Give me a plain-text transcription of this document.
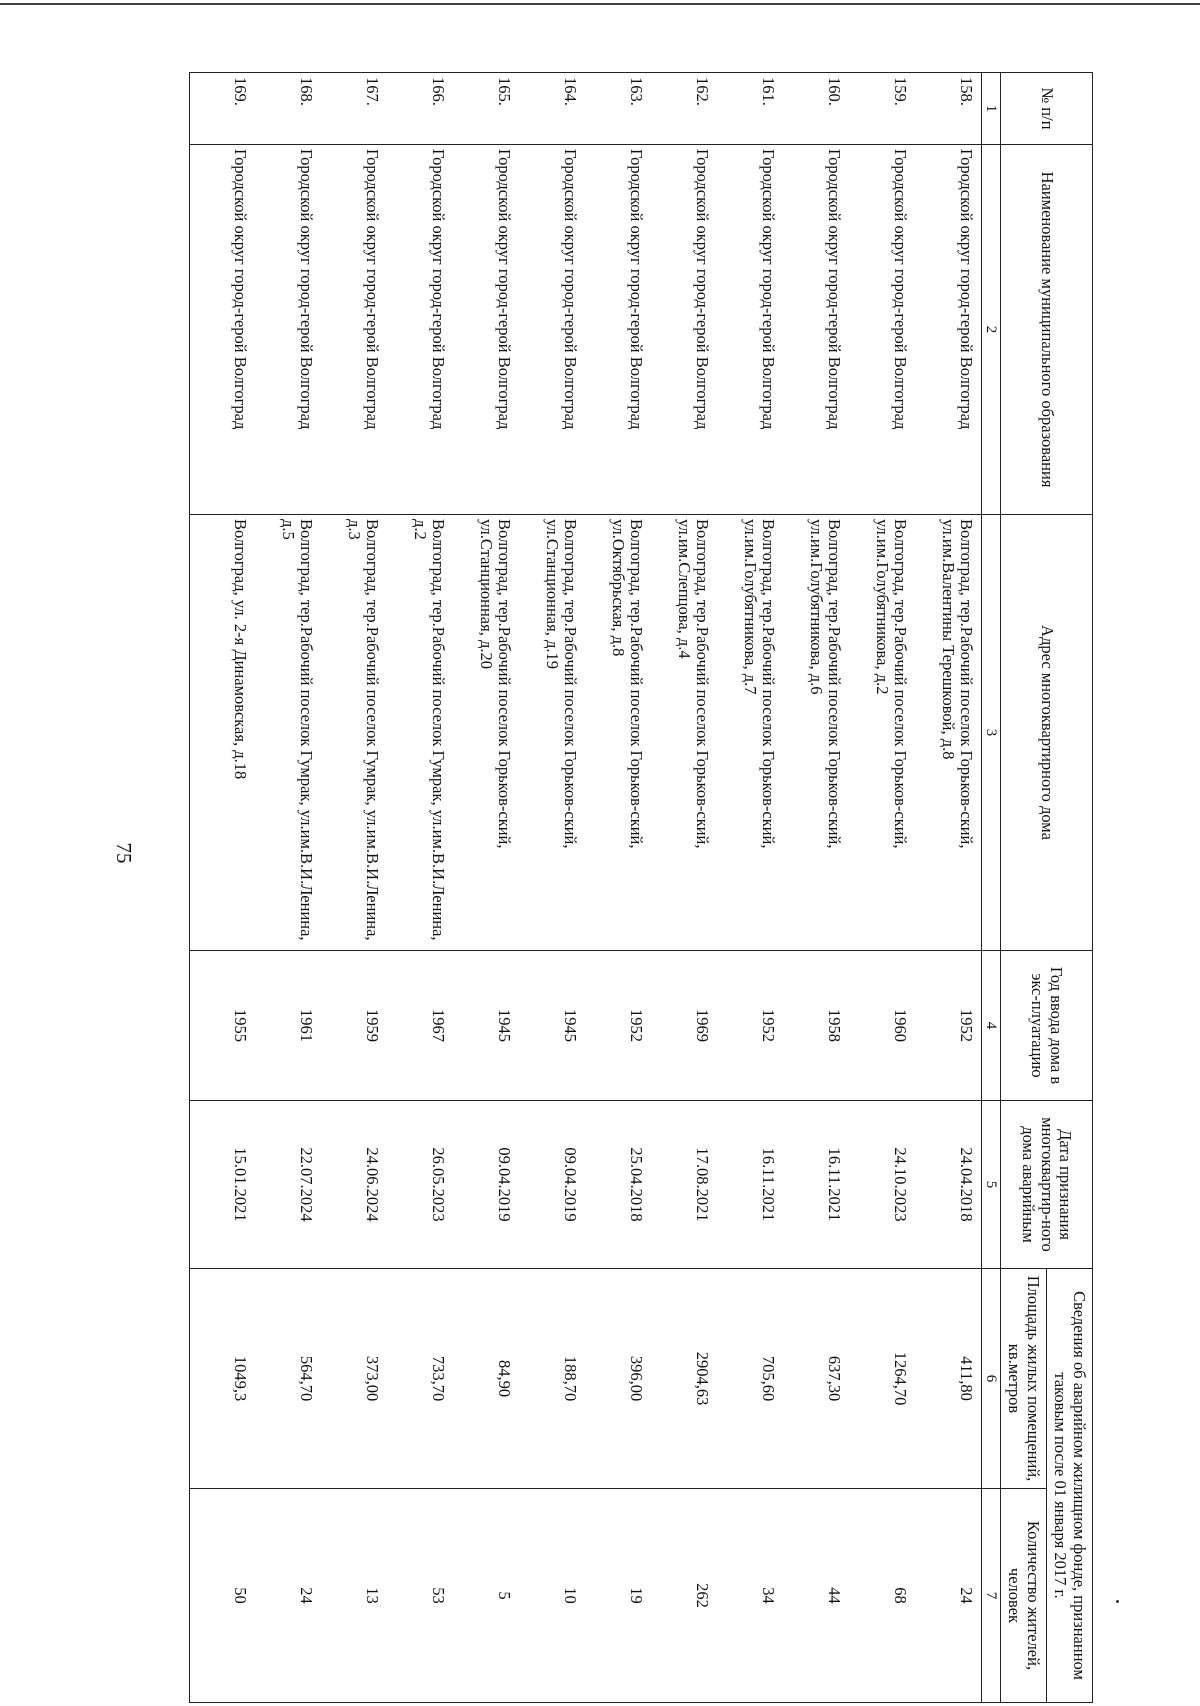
75
№ п/п	Наименование муниципального образования	Адрес многоквартирного дома	Год ввода дома в экс-плуатацию	Дата признания многоквартир-ного дома аварийным	Сведения об аварийном жилищном фонде, признанном таковым после 01 января 2017 г.	
					Площадь жилых помещений, кв.метров	Количество жителей, человек
1	2	3	4	5	6	7
158.	Городской округ город-герой Волгоград	Волгоград, тер.Рабочий поселок Горьков-ский, ул.им.Валентины Терешковой, д.8	1952	24.04.2018	411,80	24
159.	Городской округ город-герой Волгоград	Волгоград, тер.Рабочий поселок Горьков-ский, ул.им.Голубятникова, д.2	1960	24.10.2023	1264,70	68
160.	Городской округ город-герой Волгоград	Волгоград, тер.Рабочий поселок Горьков-ский, ул.им.Голубятникова, д.6	1958	16.11.2021	637,30	44
161.	Городской округ город-герой Волгоград	Волгоград, тер.Рабочий поселок Горьков-ский, ул.им.Голубятникова, д.7	1952	16.11.2021	705,60	34
162.	Городской округ город-герой Волгоград	Волгоград, тер.Рабочий поселок Горьков-ский, ул.им.Слепцова, д.4	1969	17.08.2021	2904,63	262
163.	Городской округ город-герой Волгоград	Волгоград, тер.Рабочий поселок Горьков-ский, ул.Октябрьская, д.8	1952	25.04.2018	396,00	19
164.	Городской округ город-герой Волгоград	Волгоград, тер.Рабочий поселок Горьков-ский, ул.Станционная, д.19	1945	09.04.2019	188,70	10
165.	Городской округ город-герой Волгоград	Волгоград, тер.Рабочий поселок Горьков-ский, ул.Станционная, д.20	1945	09.04.2019	84,90	5
166.	Городской округ город-герой Волгоград	Волгоград, тер.Рабочий поселок Гумрак, ул.им.В.И.Ленина, д.2	1967	26.05.2023	733,70	53
167.	Городской округ город-герой Волгоград	Волгоград, тер.Рабочий поселок Гумрак, ул.им.В.И.Ленина, д.3	1959	24.06.2024	373,00	13
168.	Городской округ город-герой Волгоград	Волгоград, тер.Рабочий поселок Гумрак, ул.им.В.И.Ленина, д.5	1961	22.07.2024	564,70	24
169.	Городской округ город-герой Волгоград	Волгоград, ул. 2-я Динамовская, д.18	1955	15.01.2021	1049,3	50
